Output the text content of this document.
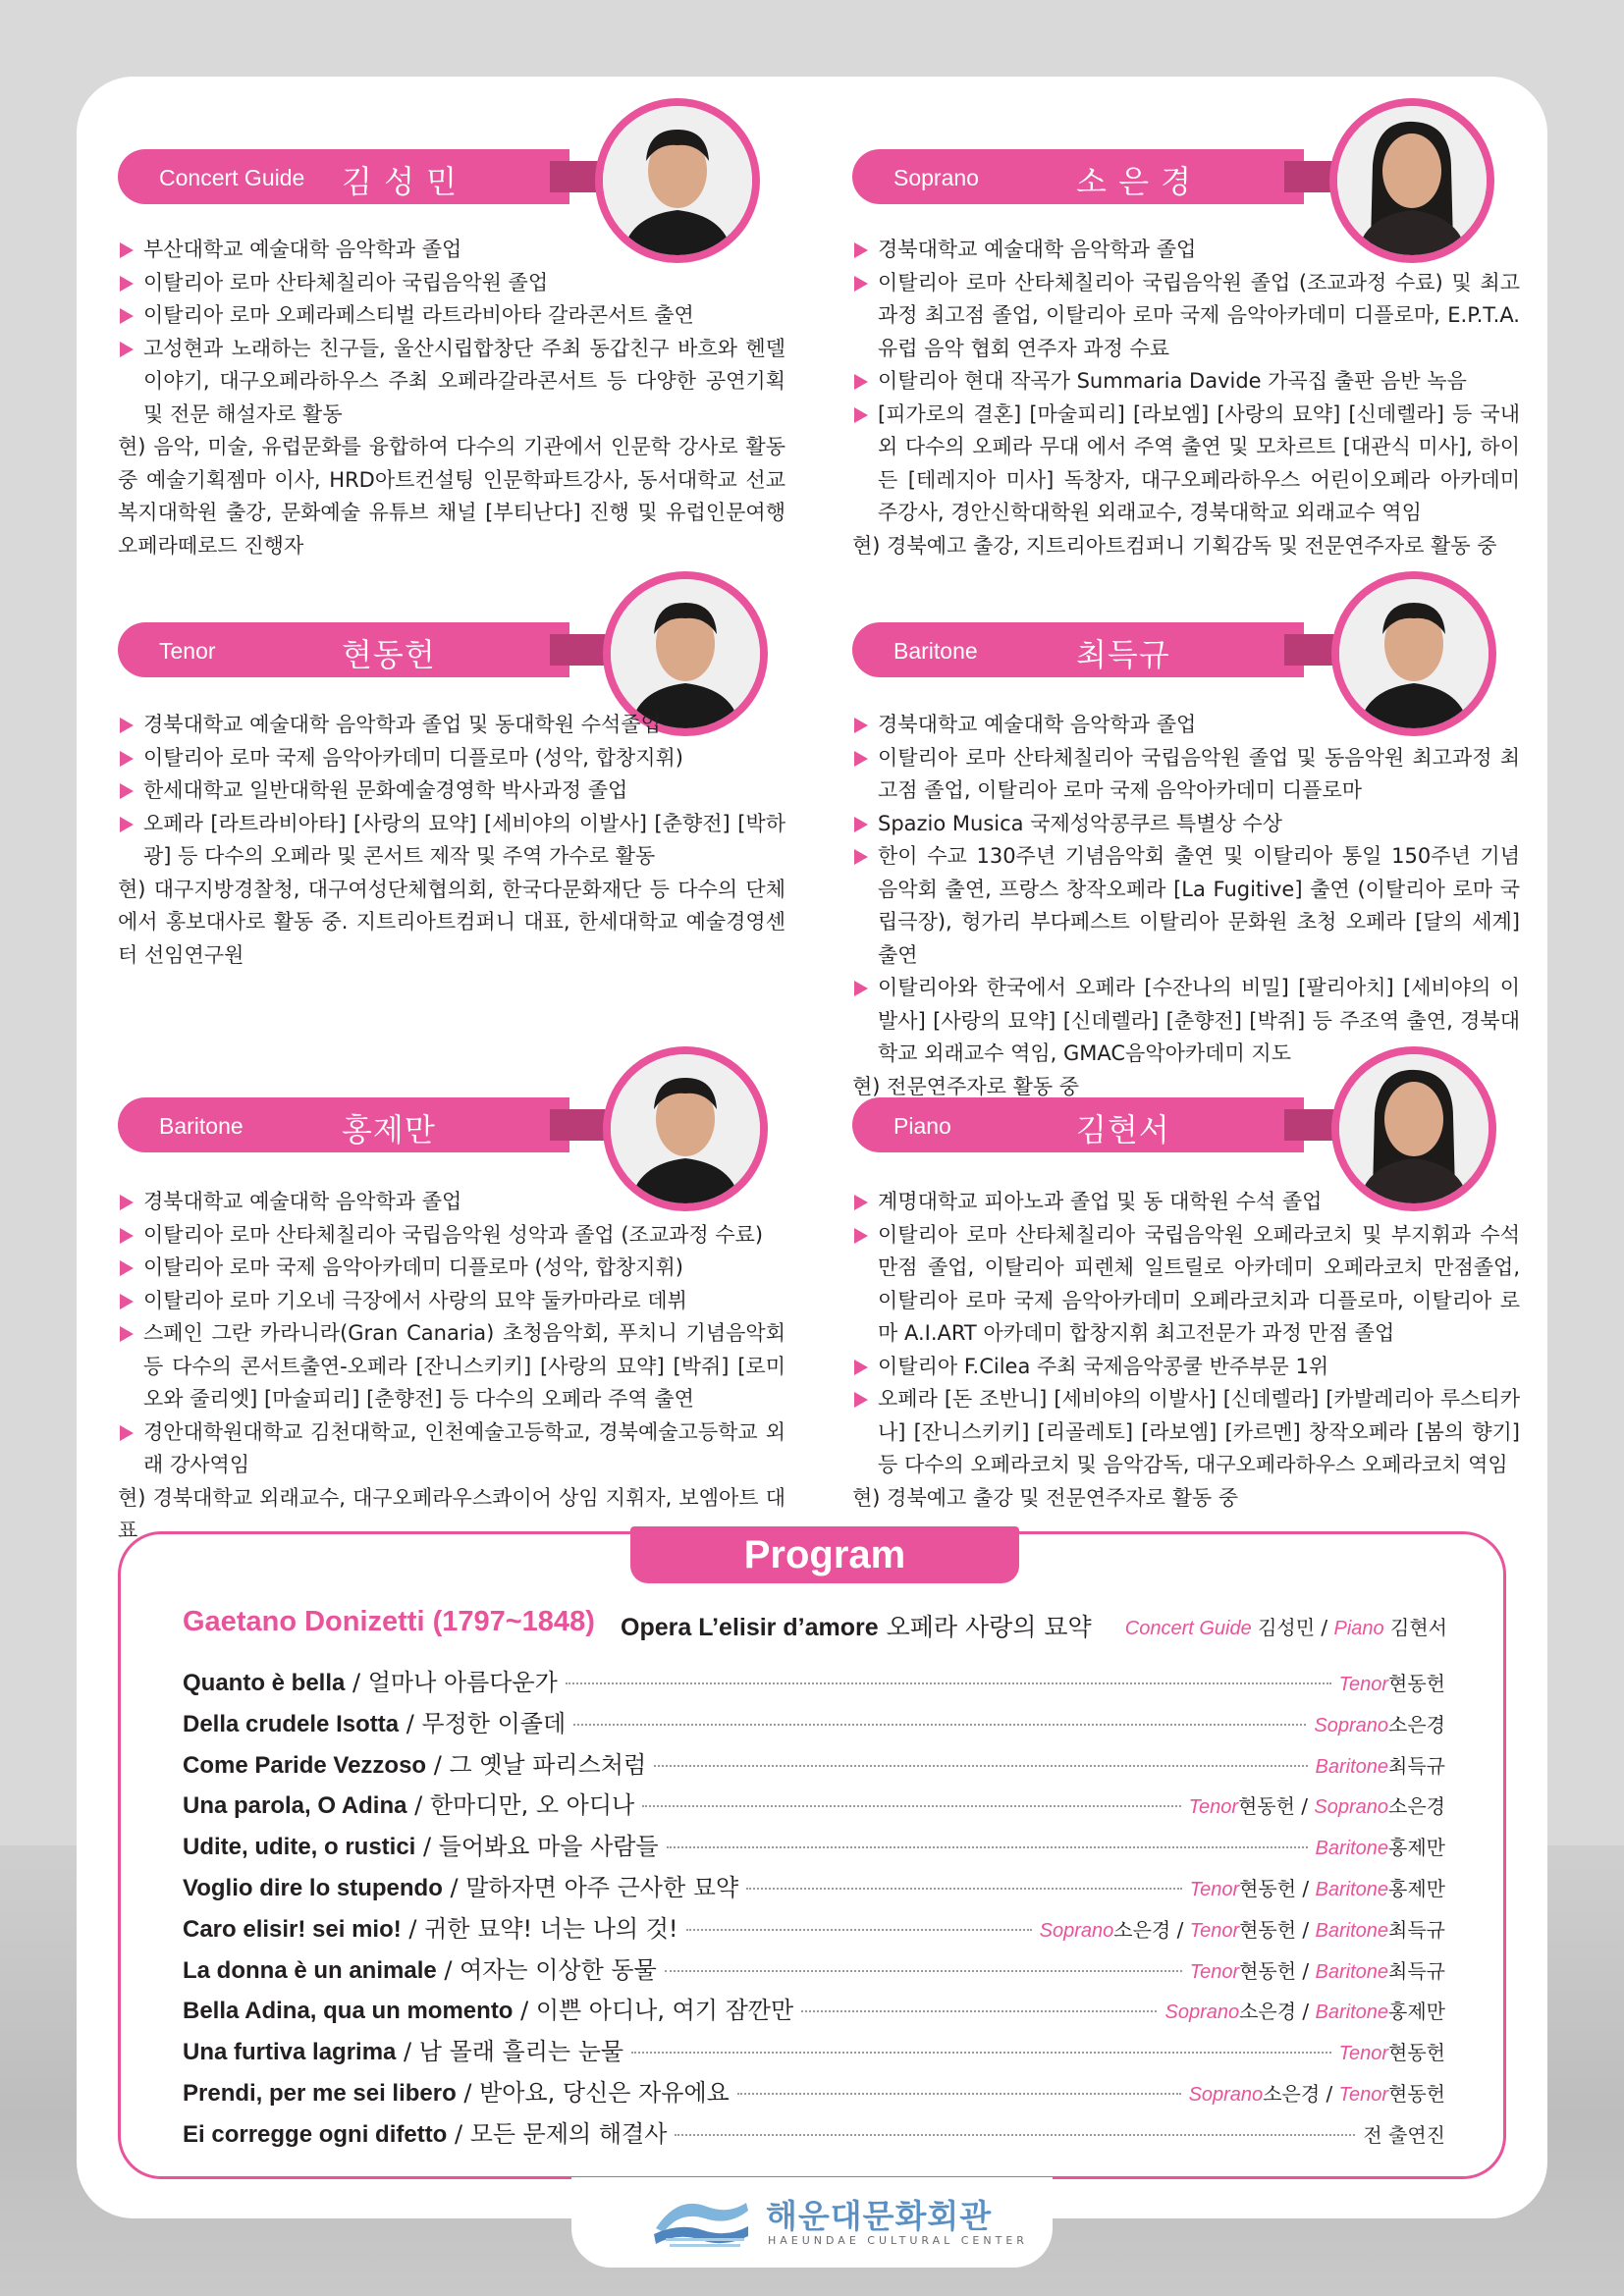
Concert Guide 김 성 민
부산대학교 예술대학 음악학과 졸업
이탈리아 로마 산타체칠리아 국립음악원 졸업
이탈리아 로마 오페라페스티벌 라트라비아타 갈라콘서트 출연
고성현과 노래하는 친구들, 울산시립합창단 주최 동갑친구 바흐와 헨델 이야기, 대구오페라하우스 주최 오페라갈라콘서트 등 다양한 공연기획 및 전문 해설자로 활동
현) 음악, 미술, 유럽문화를 융합하여 다수의 기관에서 인문학 강사로 활동 중 예술기획젬마 이사, HRD아트컨설팅 인문학파트강사, 동서대학교 선교복지대학원 출강, 문화예술 유튜브 채널 [부티난다] 진행 및 유럽인문여행 오페라떼로드 진행자
Soprano	소 은 경
경북대학교 예술대학 음악학과 졸업
이탈리아 로마 산타체칠리아 국립음악원 졸업 (조교과정 수료) 및 최고과정 최고점 졸업, 이탈리아 로마 국제 음악아카데미 디플로마, E.P.T.A. 유럽 음악 협회 연주자 과정 수료
이탈리아 현대 작곡가 Summaria Davide 가곡집 출판 음반 녹음
[피가로의 결혼] [마술피리] [라보엠] [사랑의 묘약] [신데렐라] 등 국내외 다수의 오페라 무대 에서 주역 출연 및 모차르트 [대관식 미사], 하이든 [테레지아 미사] 독창자, 대구오페라하우스 어린이오페라 아카데미 주강사, 경안신학대학원 외래교수, 경북대학교 외래교수 역임
현) 경북예고 출강, 지트리아트컴퍼니 기획감독 및 전문연주자로 활동 중
Tenor	현동헌
경북대학교 예술대학 음악학과 졸업 및 동대학원 수석졸업
이탈리아 로마 국제 음악아카데미 디플로마 (성악, 합창지휘)
한세대학교 일반대학원 문화예술경영학 박사과정 졸업
오페라 [라트라비아타] [사랑의 묘약] [세비야의 이발사] [춘향전] [박하광] 등 다수의 오페라 및 콘서트 제작 및 주역 가수로 활동
현) 대구지방경찰청, 대구여성단체협의회, 한국다문화재단 등 다수의 단체 에서 홍보대사로 활동 중. 지트리아트컴퍼니 대표, 한세대학교 예술경영센터 선임연구원
Baritone	최득규
경북대학교 예술대학 음악학과 졸업
이탈리아 로마 산타체칠리아 국립음악원 졸업 및 동음악원 최고과정 최고점 졸업, 이탈리아 로마 국제 음악아카데미 디플로마
Spazio Musica 국제성악콩쿠르 특별상 수상
한이 수교 130주년 기념음악회 출연 및 이탈리아 통일 150주년 기념 음악회 출연, 프랑스 창작오페라 [La Fugitive] 출연 (이탈리아 로마 국립극장), 헝가리 부다페스트 이탈리아 문화원 초청 오페라 [달의 세계] 출연
이탈리아와 한국에서 오페라 [수잔나의 비밀] [팔리아치] [세비야의 이발사] [사랑의 묘약] [신데렐라] [춘향전] [박쥐] 등 주조역 출연, 경북대학교 외래교수 역임, GMAC음악아카데미 지도
현) 전문연주자로 활동 중
Baritone	홍제만
경북대학교 예술대학 음악학과 졸업
이탈리아 로마 산타체칠리아 국립음악원 성악과 졸업 (조교과정 수료)
이탈리아 로마 국제 음악아카데미 디플로마 (성악, 합창지휘)
이탈리아 로마 기오네 극장에서 사랑의 묘약 둘카마라로 데뷔
스페인 그란 카라니라(Gran Canaria) 초청음악회, 푸치니 기념음악회 등 다수의 콘서트출연-오페라 [잔니스키키] [사랑의 묘약] [박쥐] [로미오와 줄리엣] [마술피리] [춘향전] 등 다수의 오페라 주역 출연
경안대학원대학교 김천대학교, 인천예술고등학교, 경북예술고등학교 외래 강사역임
현) 경북대학교 외래교수, 대구오페라우스콰이어 상임 지휘자, 보엠아트 대표
Piano	김현서
계명대학교 피아노과 졸업 및 동 대학원 수석 졸업
이탈리아 로마 산타체칠리아 국립음악원 오페라코치 및 부지휘과 수석 만점 졸업, 이탈리아 피렌체 일트릴로 아카데미 오페라코치 만점졸업, 이탈리아 로마 국제 음악아카데미 오페라코치과 디플로마, 이탈리아 로마 A.I.ART 아카데미 합창지휘 최고전문가 과정 만점 졸업
이탈리아 F.Cilea 주최 국제음악콩쿨 반주부문 1위
오페라 [돈 조반니] [세비야의 이발사] [신데렐라] [카발레리아 루스티카나] [잔니스키키] [리골레토] [라보엠] [카르멘] 창작오페라 [봄의 향기] 등 다수의 오페라코치 및 음악감독, 대구오페라하우스 오페라코치 역임
현) 경북예고 출강 및 전문연주자로 활동 중
Program
Gaetano Donizetti (1797~1848) Opera L’elisir d’amore 오페라 사랑의 묘약 Concert Guide 김성민 / Piano 김현서
Quanto è bella / 얼마나 아름다운가	Tenor현동헌
Della crudele Isotta / 무정한 이졸데	Soprano소은경
Come Paride Vezzoso / 그 옛날 파리스처럼	Baritone최득규
Una parola, O Adina / 한마디만, 오 아디나	Tenor현동헌 / Soprano소은경
Udite, udite, o rustici / 들어봐요 마을 사람들	Baritone홍제만
Voglio dire lo stupendo / 말하자면 아주 근사한 묘약	Tenor현동헌 / Baritone홍제만
Caro elisir! sei mio! / 귀한 묘약! 너는 나의 것!	Soprano소은경 / Tenor현동헌 / Baritone최득규
La donna è un animale / 여자는 이상한 동물	Tenor현동헌 / Baritone최득규
Bella Adina, qua un momento / 이쁜 아디나, 여기 잠깐만	Soprano소은경 / Baritone홍제만
Una furtiva lagrima / 남 몰래 흘리는 눈물	Tenor현동헌
Prendi, per me sei libero / 받아요, 당신은 자유에요	Soprano소은경 / Tenor현동헌
Ei corregge ogni difetto / 모든 문제의 해결사	전 출연진
해운대문화회관
HAEUNDAE CULTURAL CENTER
